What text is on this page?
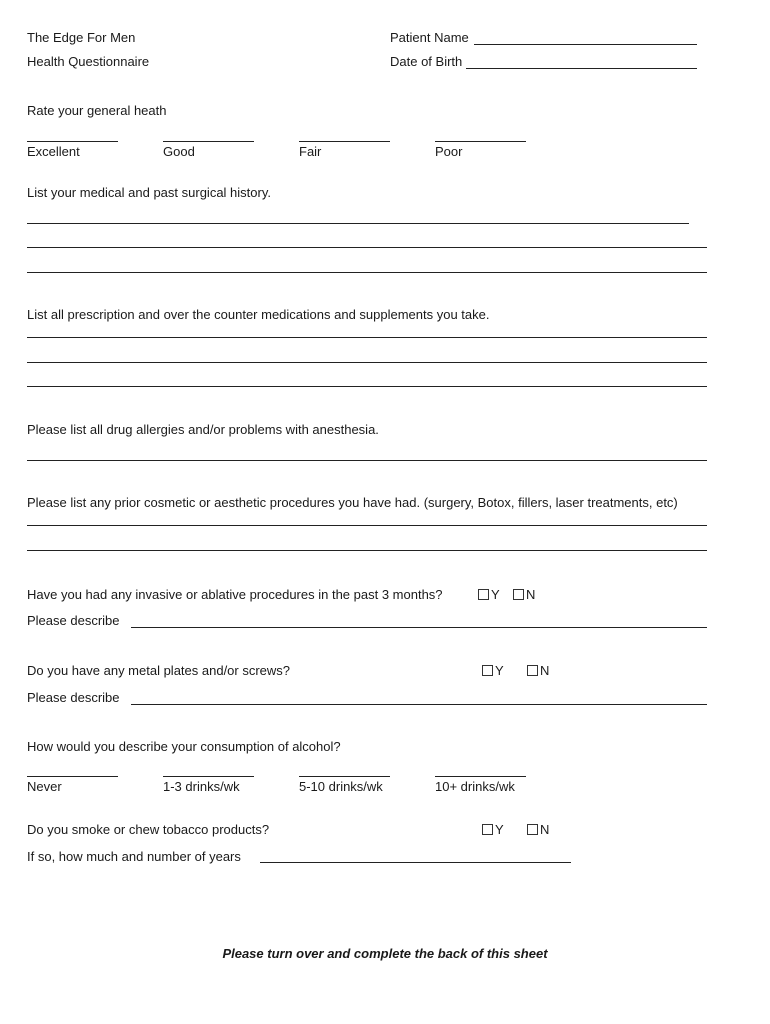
The Edge For Men
Health Questionnaire
Patient Name
Date of Birth
Rate your general heath
Excellent	Good	Fair	Poor
List your medical and past surgical history.
List all prescription and over the counter medications and supplements you take.
Please list all drug allergies and/or problems with anesthesia.
Please list any prior cosmetic or aesthetic procedures you have had. (surgery, Botox, fillers, laser treatments, etc)
Have you had any invasive or ablative procedures in the past 3 months?	Y	N
Please describe
Do you have any metal plates and/or screws?	Y	N
Please describe
How would you describe your consumption of alcohol?
Never	1-3 drinks/wk	5-10 drinks/wk	10+ drinks/wk
Do you smoke or chew tobacco products?	Y	N
If so, how much and number of years
Please turn over and complete the back of this sheet
